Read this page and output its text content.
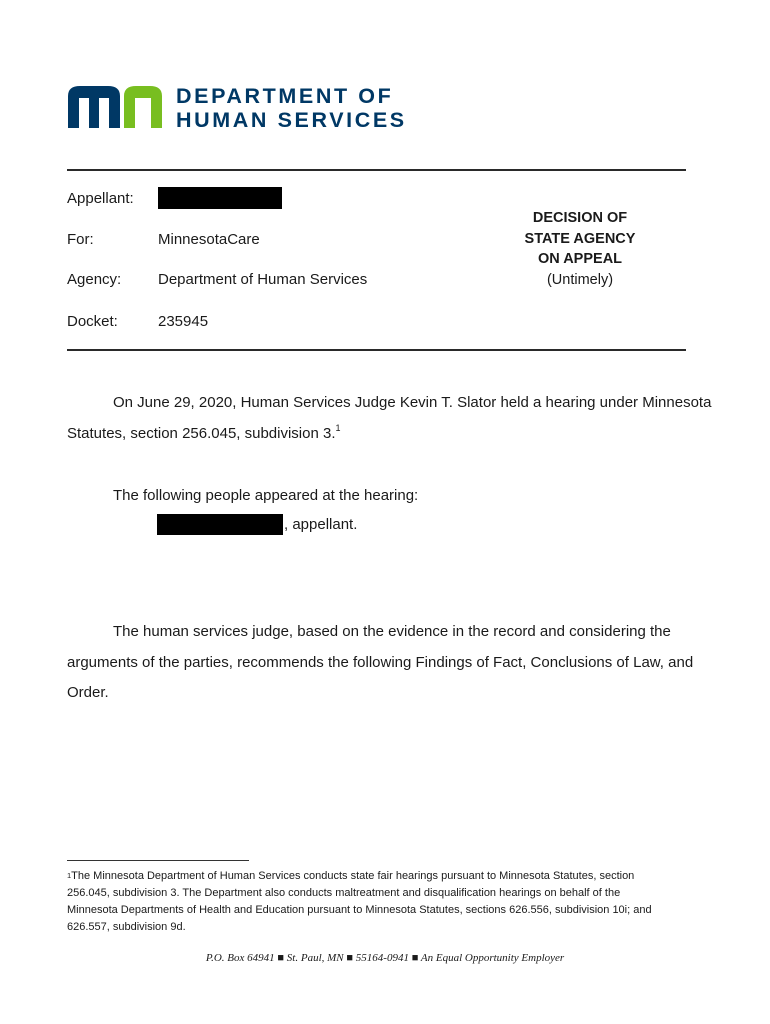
DEPARTMENT OF
HUMAN SERVICES
Appellant:
For:	MinnesotaCare
Agency: Department of Human Services
Docket:	235945
DECISION OF
STATE AGENCY
ON APPEAL
(Untimely)
On June 29, 2020, Human Services Judge Kevin T. Slator held a hearing under Minnesota
Statutes, section 256.045, subdivision 3.$^1$
The following people appeared at the hearing:
, appellant.
The human services judge, based on the evidence in the record and considering the
arguments of the parties, recommends the following Findings of Fact, Conclusions of Law, and
Order.
$^1$The Minnesota Department of Human Services conducts state fair hearings pursuant to Minnesota Statutes, section
256.045, subdivision 3. The Department also conducts maltreatment and disqualification hearings on behalf of the
Minnesota Departments of Health and Education pursuant to Minnesota Statutes, sections 626.556, subdivision 10i; and
626.557, subdivision 9d.
P.O. Box 64941 ■ St. Paul, MN ■ 55164-0941 ■ An Equal Opportunity Employer
